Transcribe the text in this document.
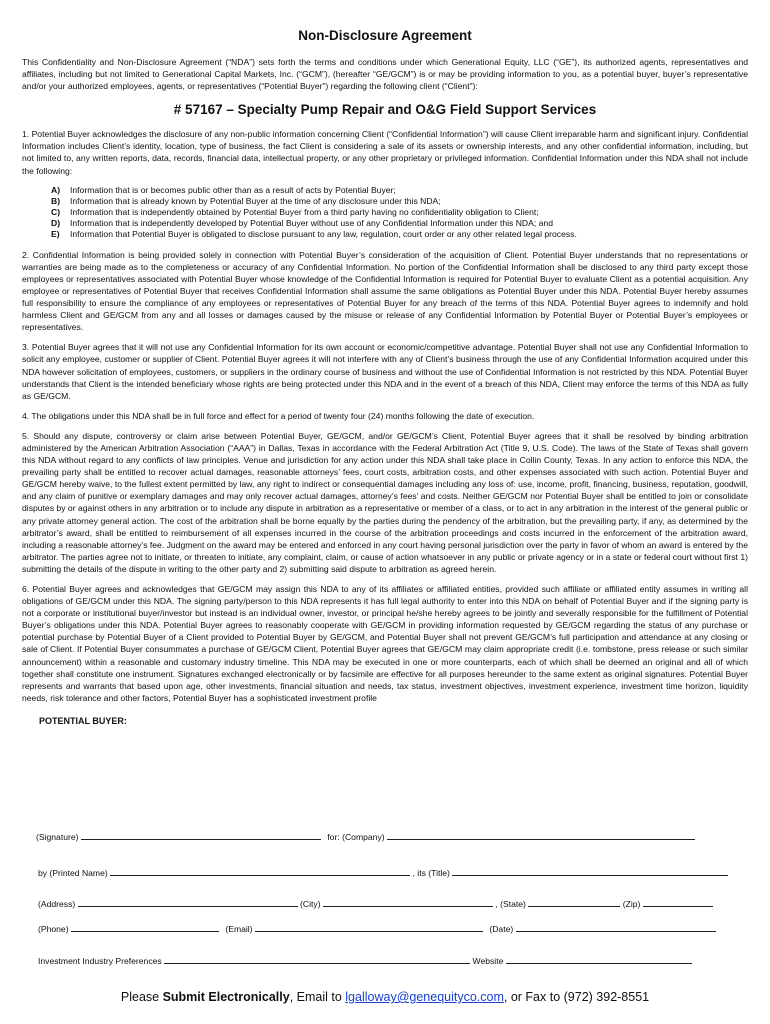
Non-Disclosure Agreement

This Confidentiality and Non-Disclosure Agreement (“NDA”) sets forth the terms and conditions under which Generational Equity, LLC (“GE”), its authorized agents, representatives and affiliates, including but not limited to Generational Capital Markets, Inc. (“GCM”), (hereafter “GE/GCM”) is or may be providing information to you, as a potential buyer, buyer’s representative and/or your authorized employees, agents, or representatives (“Potential Buyer”) regarding the following client (“Client”):

# 57167 – Specialty Pump Repair and O&G Field Support Services

1. Potential Buyer acknowledges the disclosure of any non-public information concerning Client (“Confidential Information”) will cause Client irreparable harm and significant injury. Confidential Information includes Client’s identity, location, type of business, the fact Client is considering a sale of its assets or ownership interests, and any other confidential information, including, but not limited to, any written reports, data, records, financial data, intellectual property, or any other proprietary or privileged information. Confidential Information under this NDA shall not include the following:

A)	Information that is or becomes public other than as a result of acts by Potential Buyer;
B)	Information that is already known by Potential Buyer at the time of any disclosure under this NDA;
C)	Information that is independently obtained by Potential Buyer from a third party having no confidentiality obligation to Client;
D)	Information that is independently developed by Potential Buyer without use of any Confidential Information under this NDA; and
E)	Information that Potential Buyer is obligated to disclose pursuant to any law, regulation, court order or any other related legal process.

2. Confidential Information is being provided solely in connection with Potential Buyer’s consideration of the acquisition of Client. Potential Buyer understands that no representations or warranties are being made as to the completeness or accuracy of any Confidential Information. No portion of the Confidential Information shall be disclosed to any third party except those employees or representatives associated with Potential Buyer whose knowledge of the Confidential Information is required for Potential Buyer to evaluate Client as a potential acquisition. Any employee or representatives of Potential Buyer that receives Confidential Information shall assume the same obligations as Potential Buyer under this NDA. Potential Buyer hereby assumes full responsibility to ensure the compliance of any employees or representatives of Potential Buyer for any breach of the terms of this NDA. Potential Buyer agrees to indemnify and hold harmless Client and GE/GCM from any and all losses or damages caused by the misuse or release of any Confidential Information by Potential Buyer or Potential Buyer’s employees or representatives.

3. Potential Buyer agrees that it will not use any Confidential Information for its own account or economic/competitive advantage. Potential Buyer shall not use any Confidential Information to solicit any employee, customer or supplier of Client. Potential Buyer agrees it will not interfere with any of Client’s business through the use of any Confidential Information acquired under this NDA however solicitation of employees, customers, or suppliers in the ordinary course of business and without the use of Confidential Information is not restricted by this NDA. Potential Buyer understands that Client is the intended beneficiary whose rights are being protected under this NDA and in the event of a breach of this NDA, Client may enforce the terms of this NDA as fully as GE/GCM.

4. The obligations under this NDA shall be in full force and effect for a period of twenty four (24) months following the date of execution.

5. Should any dispute, controversy or claim arise between Potential Buyer, GE/GCM, and/or GE/GCM’s Client, Potential Buyer agrees that it shall be resolved by binding arbitration administered by the American Arbitration Association (“AAA”) in Dallas, Texas in accordance with the Federal Arbitration Act (Title 9, U.S. Code). The laws of the State of Texas shall govern this NDA without regard to any conflicts of law principles. Venue and jurisdiction for any action under this NDA shall take place in Collin County, Texas. In any action to enforce this NDA, the prevailing party shall be entitled to recover actual damages, reasonable attorneys’ fees, court costs, arbitration costs, and other expenses associated with such action. Potential Buyer and GE/GCM hereby waive, to the fullest extent permitted by law, any right to indirect or consequential damages including any loss of: use, income, profit, financing, business, reputation, goodwill, and any claim of punitive or exemplary damages and may only recover actual damages, attorney’s fees’ and costs. Neither GE/GCM nor Potential Buyer shall be entitled to join or consolidate disputes by or against others in any arbitration or to include any dispute in arbitration as a representative or member of a class, or to act in any arbitration in the interest of the general public or any private attorney general action. The cost of the arbitration shall be borne equally by the parties during the pendency of the arbitration, but the prevailing party, if any, as determined by the arbitrator’s award, shall be entitled to reimbursement of all expenses incurred in the course of the arbitration proceedings and costs incurred in the enforcement of the arbitration award, including a reasonable attorney’s fee. Judgment on the award may be entered and enforced in any court having personal jurisdiction over the party in favor of whom an award is entered by the arbitrator. The parties agree not to initiate, or threaten to initiate, any complaint, claim, or cause of action whatsoever in any public or private agency or in a state or federal court without first 1) submitting the details of the dispute in writing to the other party and 2) submitting said dispute to arbitration as agreed herein.

6. Potential Buyer agrees and acknowledges that GE/GCM may assign this NDA to any of its affiliates or affiliated entities, provided such affiliate or affiliated entity assumes in writing all obligations of GE/GCM under this NDA. The signing party/person to this NDA represents it has full legal authority to enter into this NDA on behalf of Potential Buyer and if the signing party is not a corporate or institutional buyer/investor but instead is an individual owner, investor, or principal he/she hereby agrees to be jointly and severally responsible for the fulfillment of Potential Buyer’s obligations under this NDA. Potential Buyer agrees to reasonably cooperate with GE/GCM in providing information requested by GE/GCM regarding the status of any purchase or potential purchase by Potential Buyer of a Client provided to Potential Buyer by GE/GCM, and Potential Buyer shall not prevent GE/GCM’s full participation and attendance at any closing or sale of Client. If Potential Buyer consummates a purchase of GE/GCM Client, Potential Buyer agrees that GE/GCM may claim appropriate credit (i.e. tombstone, press release or such similar announcement) within a reasonable and customary industry timeline. This NDA may be executed in one or more counterparts, each of which shall be deemed an original and all of which together shall constitute one instrument. Signatures exchanged electronically or by facsimile are effective for all purposes hereunder to the same extent as original signatures. Potential Buyer represents and warrants that based upon age, other investments, financial situation and needs, tax status, investment objectives, investment experience, investment time horizon, liquidity needs, risk tolerance and other factors, Potential Buyer has a sophisticated investment profile

POTENTIAL BUYER:
(Signature)	for: (Company)
by (Printed Name)	, its (Title)
(Address)	(City)	, (State)	(Zip)
(Phone)	(Email)	(Date)
Investment Industry Preferences	Website
Please Submit Electronically, Email to lgalloway@genequityco.com, or Fax to (972) 392-8551
